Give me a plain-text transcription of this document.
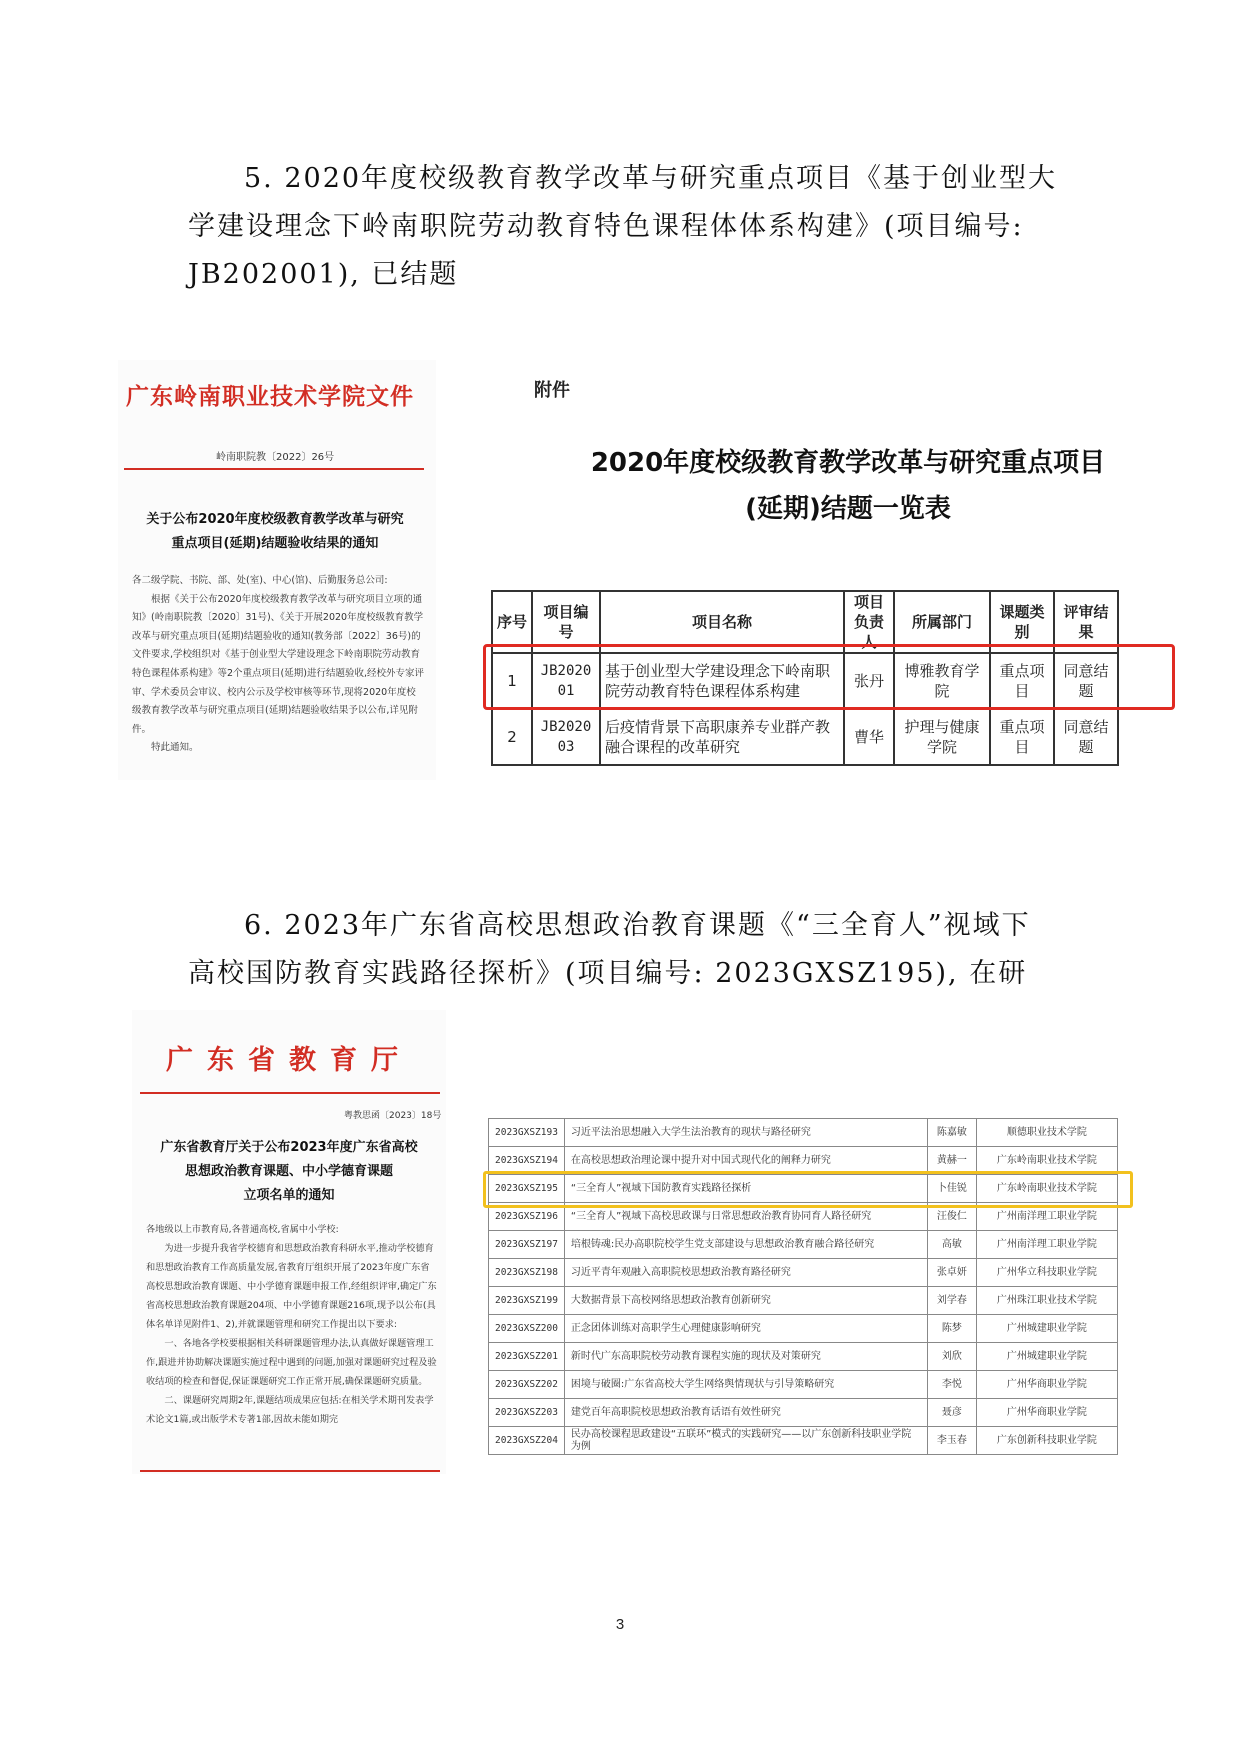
5. 2020年度校级教育教学改革与研究重点项目《基于创业型大
学建设理念下岭南职院劳动教育特色课程体体系构建》(项目编号:
JB202001), 已结题
广东岭南职业技术学院文件
岭南职院教〔2022〕26号
关于公布2020年度校级教育教学改革与研究
重点项目(延期)结题验收结果的通知
各二级学院、书院、部、处(室)、中心(馆)、后勤服务总公司:
根据《关于公布2020年度校级教育教学改革与研究项目立项的通知》(岭南职院教〔2020〕31号)、《关于开展2020年度校级教育教学改革与研究重点项目(延期)结题验收的通知(教务部〔2022〕36号)的文件要求,学校组织对《基于创业型大学建设理念下岭南职院劳动教育特色课程体系构建》等2个重点项目(延期)进行结题验收,经校外专家评审、学术委员会审议、校内公示及学校审核等环节,现将2020年度校级教育教学改革与研究重点项目(延期)结题验收结果予以公布,详见附件。
特此通知。
附件
2020年度校级教育教学改革与研究重点项目
(延期)结题一览表
序号	项目编号	项目名称	项目负责人	所属部门	课题类别	评审结果
1	JB202001	基于创业型大学建设理念下岭南职院劳动教育特色课程体系构建	张丹	博雅教育学院	重点项目	同意结题
2	JB202003	后疫情背景下高职康养专业群产教融合课程的改革研究	曹华	护理与健康学院	重点项目	同意结题
6. 2023年广东省高校思想政治教育课题《“三全育人”视域下
高校国防教育实践路径探析》(项目编号: 2023GXSZ195), 在研
广东省教育厅
粤教思函〔2023〕18号
广东省教育厅关于公布2023年度广东省高校
思想政治教育课题、中小学德育课题
立项名单的通知
各地级以上市教育局,各普通高校,省属中小学校:
为进一步提升我省学校德育和思想政治教育科研水平,推动学校德育和思想政治教育工作高质量发展,省教育厅组织开展了2023年度广东省高校思想政治教育课题、中小学德育课题申报工作,经组织评审,确定广东省高校思想政治教育课题204项、中小学德育课题216项,现予以公布(具体名单详见附件1、2),并就课题管理和研究工作提出以下要求:
一、各地各学校要根据相关科研课题管理办法,认真做好课题管理工作,跟进并协助解决课题实施过程中遇到的问题,加强对课题研究过程及验收结项的检查和督促,保证课题研究工作正常开展,确保课题研究质量。
二、课题研究周期2年,课题结项成果应包括:在相关学术期刊发表学术论文1篇,或出版学术专著1部,因故未能如期完
2023GXSZ193	习近平法治思想融入大学生法治教育的现状与路径研究	陈嘉敏	顺德职业技术学院
2023GXSZ194	在高校思想政治理论课中提升对中国式现代化的阐释力研究	黄赫一	广东岭南职业技术学院
2023GXSZ195	“三全育人”视域下国防教育实践路径探析	卜佳锐	广东岭南职业技术学院
2023GXSZ196	“三全育人”视域下高校思政课与日常思想政治教育协同育人路径研究	汪俊仁	广州南洋理工职业学院
2023GXSZ197	培根铸魂:民办高职院校学生党支部建设与思想政治教育融合路径研究	高敏	广州南洋理工职业学院
2023GXSZ198	习近平青年观融入高职院校思想政治教育路径研究	张卓妍	广州华立科技职业学院
2023GXSZ199	大数据背景下高校网络思想政治教育创新研究	刘学春	广州珠江职业技术学院
2023GXSZ200	正念团体训练对高职学生心理健康影响研究	陈梦	广州城建职业学院
2023GXSZ201	新时代广东高职院校劳动教育课程实施的现状及对策研究	刘欣	广州城建职业学院
2023GXSZ202	困境与破圈:广东省高校大学生网络舆情现状与引导策略研究	李悦	广州华商职业学院
2023GXSZ203	建党百年高职院校思想政治教育话语有效性研究	聂彦	广州华商职业学院
2023GXSZ204	民办高校课程思政建设“五联环”模式的实践研究——以广东创新科技职业学院为例	李玉春	广东创新科技职业学院
3
